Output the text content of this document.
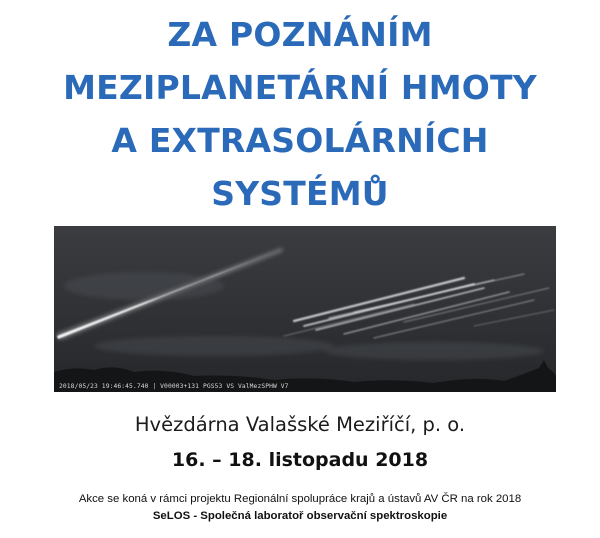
ZA POZNÁNÍM
MEZIPLANETÁRNÍ HMOTY
A EXTRASOLÁRNÍCH
SYSTÉMŮ
2018/05/23 19:46:45.740 | V00003+131 PGS53 VS ValMezSPHW V7
Hvězdárna Valašské Meziříčí, p. o.
16. – 18. listopadu 2018
Akce se koná v rámci projektu Regionální spolupráce krajů a ústavů AV ČR na rok 2018
SeLOS - Společná laboratoř observační spektroskopie
